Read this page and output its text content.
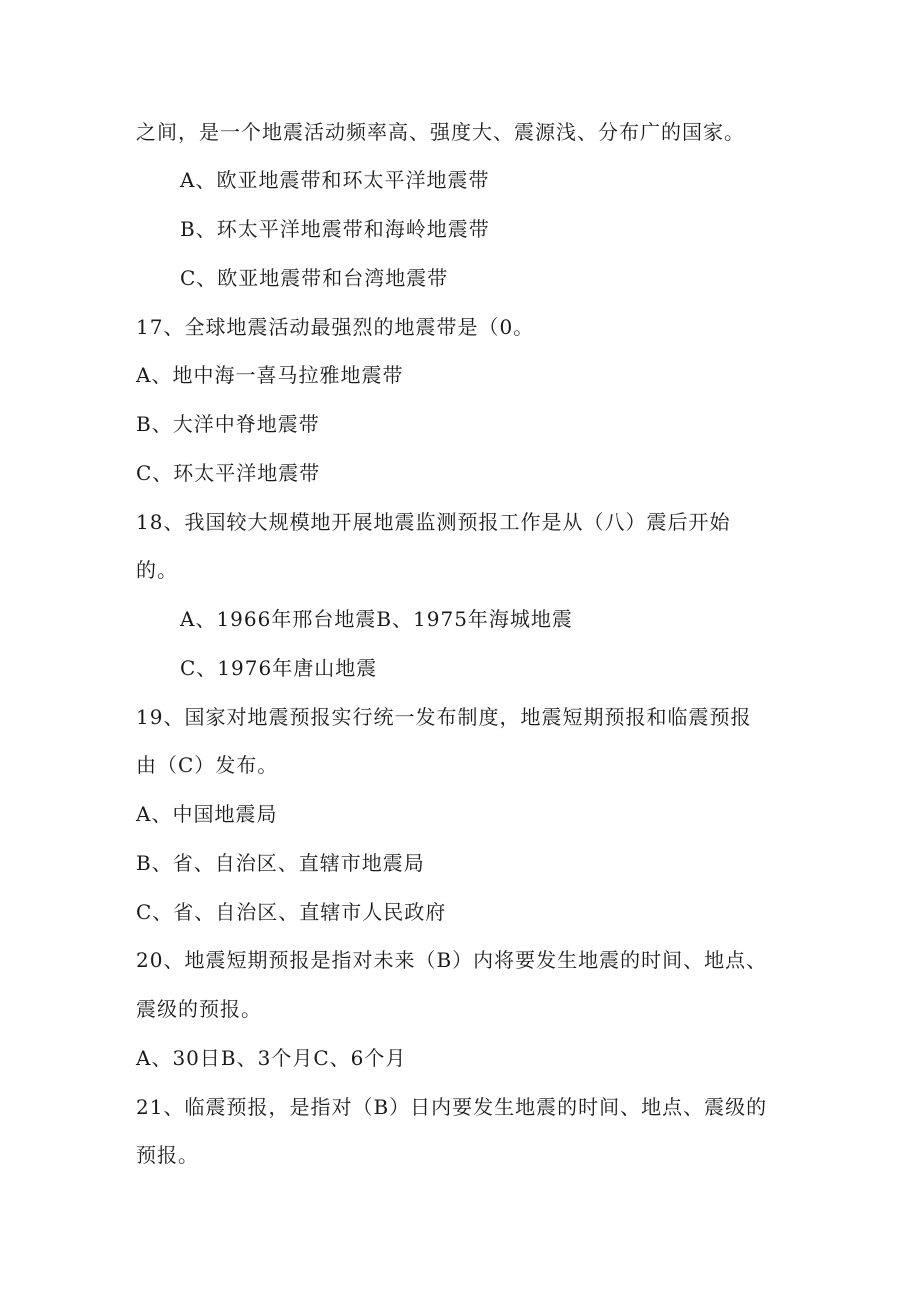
之间，是一个地震活动频率高、强度大、震源浅、分布广的国家。
A、欧亚地震带和环太平洋地震带
B、环太平洋地震带和海岭地震带
C、欧亚地震带和台湾地震带
17、全球地震活动最强烈的地震带是（0。
A、地中海一喜马拉雅地震带
B、大洋中脊地震带
C、环太平洋地震带
18、我国较大规模地开展地震监测预报工作是从（八）震后开始
的。
A、1966年邢台地震B、1975年海城地震
C、1976年唐山地震
19、国家对地震预报实行统一发布制度，地震短期预报和临震预报
由（C）发布。
A、中国地震局
B、省、自治区、直辖市地震局
C、省、自治区、直辖市人民政府
20、地震短期预报是指对未来（B）内将要发生地震的时间、地点、
震级的预报。
A、30日B、3个月C、6个月
21、临震预报，是指对（B）日内要发生地震的时间、地点、震级的
预报。
